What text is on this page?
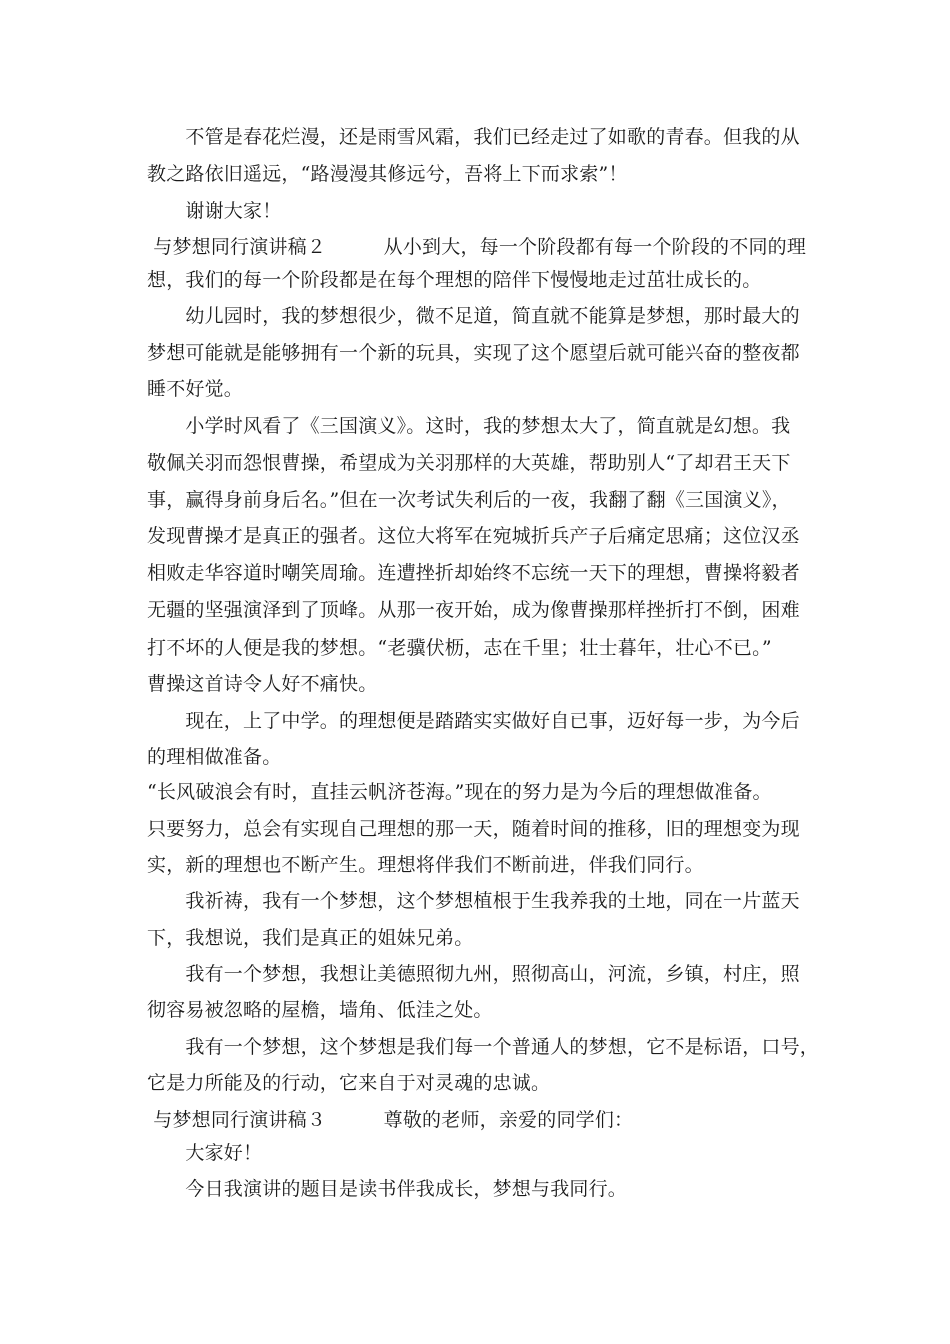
　　不管是春花烂漫，还是雨雪风霜，我们已经走过了如歌的青春。但我的从
教之路依旧遥远，“路漫漫其修远兮，吾将上下而求索”！
　　谢谢大家！
与梦想同行演讲稿２　　　从小到大，每一个阶段都有每一个阶段的不同的理
想，我们的每一个阶段都是在每个理想的陪伴下慢慢地走过茁壮成长的。
　　幼儿园时，我的梦想很少，微不足道，简直就不能算是梦想，那时最大的
梦想可能就是能够拥有一个新的玩具，实现了这个愿望后就可能兴奋的整夜都
睡不好觉。
　　小学时风看了《三国演义》。这时，我的梦想太大了，简直就是幻想。我
敬佩关羽而怨恨曹操，希望成为关羽那样的大英雄，帮助别人“了却君王天下
事，赢得身前身后名。”但在一次考试失利后的一夜，我翻了翻《三国演义》，
发现曹操才是真正的强者。这位大将军在宛城折兵产子后痛定思痛；这位汉丞
相败走华容道时嘲笑周瑜。连遭挫折却始终不忘统一天下的理想，曹操将毅者
无疆的坚强演泽到了顶峰。从那一夜开始，成为像曹操那样挫折打不倒，困难
打不坏的人便是我的梦想。“老骥伏枥，志在千里；壮士暮年，壮心不已。”
曹操这首诗令人好不痛快。
　　现在，上了中学。的理想便是踏踏实实做好自已事，迈好每一步，为今后
的理相做准备。
“长风破浪会有时，直挂云帆济苍海。”现在的努力是为今后的理想做准备。
只要努力，总会有实现自己理想的那一天，随着时间的推移，旧的理想变为现
实，新的理想也不断产生。理想将伴我们不断前进，伴我们同行。
　　我祈祷，我有一个梦想，这个梦想植根于生我养我的土地，同在一片蓝天
下，我想说，我们是真正的姐妹兄弟。
　　我有一个梦想，我想让美德照彻九州，照彻高山，河流，乡镇，村庄，照
彻容易被忽略的屋檐，墙角、低洼之处。
　　我有一个梦想，这个梦想是我们每一个普通人的梦想，它不是标语，口号，
它是力所能及的行动，它来自于对灵魂的忠诚。
与梦想同行演讲稿３　　　尊敬的老师，亲爱的同学们：
　　大家好！
　　今日我演讲的题目是读书伴我成长，梦想与我同行。
